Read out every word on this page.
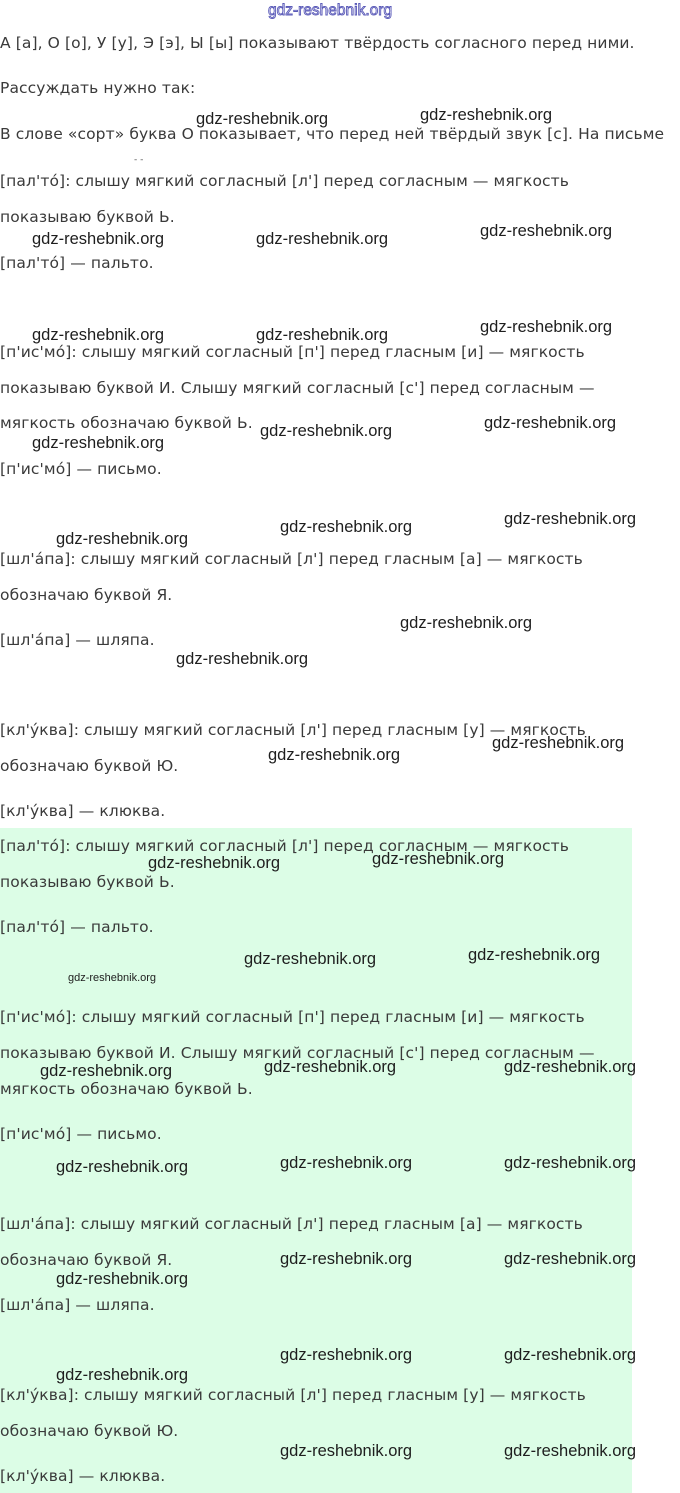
gdz-reshebnik.org
А [а], О [о], У [у], Э [э], Ы [ы] показывают твёрдость согласного перед ними.
Рассуждать нужно так:
В слове «сорт» буква О показывает, что перед ней твёрдый звук [с]. На письме
- -
[пал'то́]: слышу мягкий согласный [л'] перед согласным — мягкость
показываю буквой Ь.
[пал'то́] — пальто.
[п'ис'мо́]: слышу мягкий согласный [п'] перед гласным [и] — мягкость
показываю буквой И. Слышу мягкий согласный [с'] перед согласным —
мягкость обозначаю буквой Ь.
[п'ис'мо́] — письмо.
[шл'а́па]: слышу мягкий согласный [л'] перед гласным [а] — мягкость
обозначаю буквой Я.
[шл'а́па] — шляпа.
[кл'у́ква]: слышу мягкий согласный [л'] перед гласным [у] — мягкость
обозначаю буквой Ю.
[кл'у́ква] — клюква.
[пал'то́]: слышу мягкий согласный [л'] перед согласным — мягкость
показываю буквой Ь.
[пал'то́] — пальто.
[п'ис'мо́]: слышу мягкий согласный [п'] перед гласным [и] — мягкость
показываю буквой И. Слышу мягкий согласный [с'] перед согласным —
мягкость обозначаю буквой Ь.
[п'ис'мо́] — письмо.
[шл'а́па]: слышу мягкий согласный [л'] перед гласным [а] — мягкость
обозначаю буквой Я.
[шл'а́па] — шляпа.
[кл'у́ква]: слышу мягкий согласный [л'] перед гласным [у] — мягкость
обозначаю буквой Ю.
[кл'у́ква] — клюква.
gdz-reshebnik.org	gdz-reshebnik.org
gdz-reshebnik.org	gdz-reshebnik.org	gdz-reshebnik.org
gdz-reshebnik.org	gdz-reshebnik.org	gdz-reshebnik.org
gdz-reshebnik.org	gdz-reshebnik.org
gdz-reshebnik.org
gdz-reshebnik.org
gdz-reshebnik.org	gdz-reshebnik.org
gdz-reshebnik.org
gdz-reshebnik.org
gdz-reshebnik.org
gdz-reshebnik.org
gdz-reshebnik.org
gdz-reshebnik.org
gdz-reshebnik.org
gdz-reshebnik.org
gdz-reshebnik.org
gdz-reshebnik.org	gdz-reshebnik.org
gdz-reshebnik.org
gdz-reshebnik.org	gdz-reshebnik.org
gdz-reshebnik.org
gdz-reshebnik.org	gdz-reshebnik.org
gdz-reshebnik.org
gdz-reshebnik.org	gdz-reshebnik.org
gdz-reshebnik.org
gdz-reshebnik.org	gdz-reshebnik.org
